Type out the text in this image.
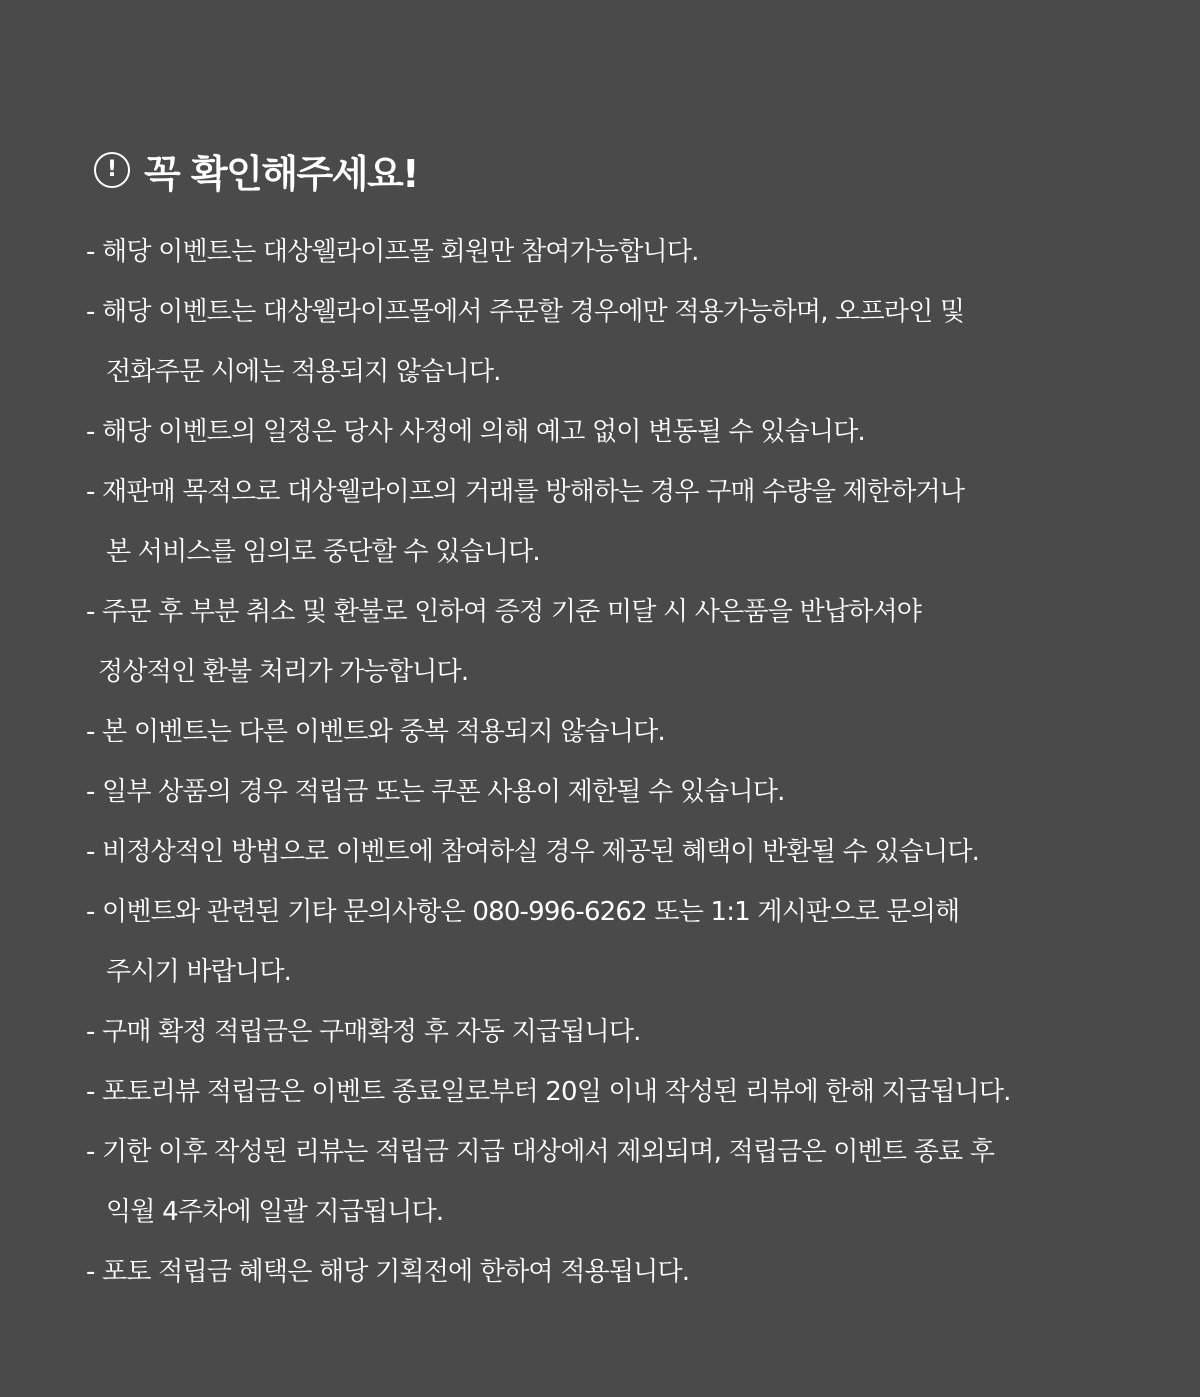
! 꼭 확인해주세요!
- 해당 이벤트는 대상웰라이프몰 회원만 참여가능합니다.
- 해당 이벤트는 대상웰라이프몰에서 주문할 경우에만 적용가능하며, 오프라인 및
전화주문 시에는 적용되지 않습니다.
- 해당 이벤트의 일정은 당사 사정에 의해 예고 없이 변동될 수 있습니다.
- 재판매 목적으로 대상웰라이프의 거래를 방해하는 경우 구매 수량을 제한하거나
본 서비스를 임의로 중단할 수 있습니다.
- 주문 후 부분 취소 및 환불로 인하여 증정 기준 미달 시 사은품을 반납하셔야
정상적인 환불 처리가 가능합니다.
- 본 이벤트는 다른 이벤트와 중복 적용되지 않습니다.
- 일부 상품의 경우 적립금 또는 쿠폰 사용이 제한될 수 있습니다.
- 비정상적인 방법으로 이벤트에 참여하실 경우 제공된 혜택이 반환될 수 있습니다.
- 이벤트와 관련된 기타 문의사항은 080-996-6262 또는 1:1 게시판으로 문의해
주시기 바랍니다.
- 구매 확정 적립금은 구매확정 후 자동 지급됩니다.
- 포토리뷰 적립금은 이벤트 종료일로부터 20일 이내 작성된 리뷰에 한해 지급됩니다.
- 기한 이후 작성된 리뷰는 적립금 지급 대상에서 제외되며, 적립금은 이벤트 종료 후
익월 4주차에 일괄 지급됩니다.
- 포토 적립금 혜택은 해당 기획전에 한하여 적용됩니다.
